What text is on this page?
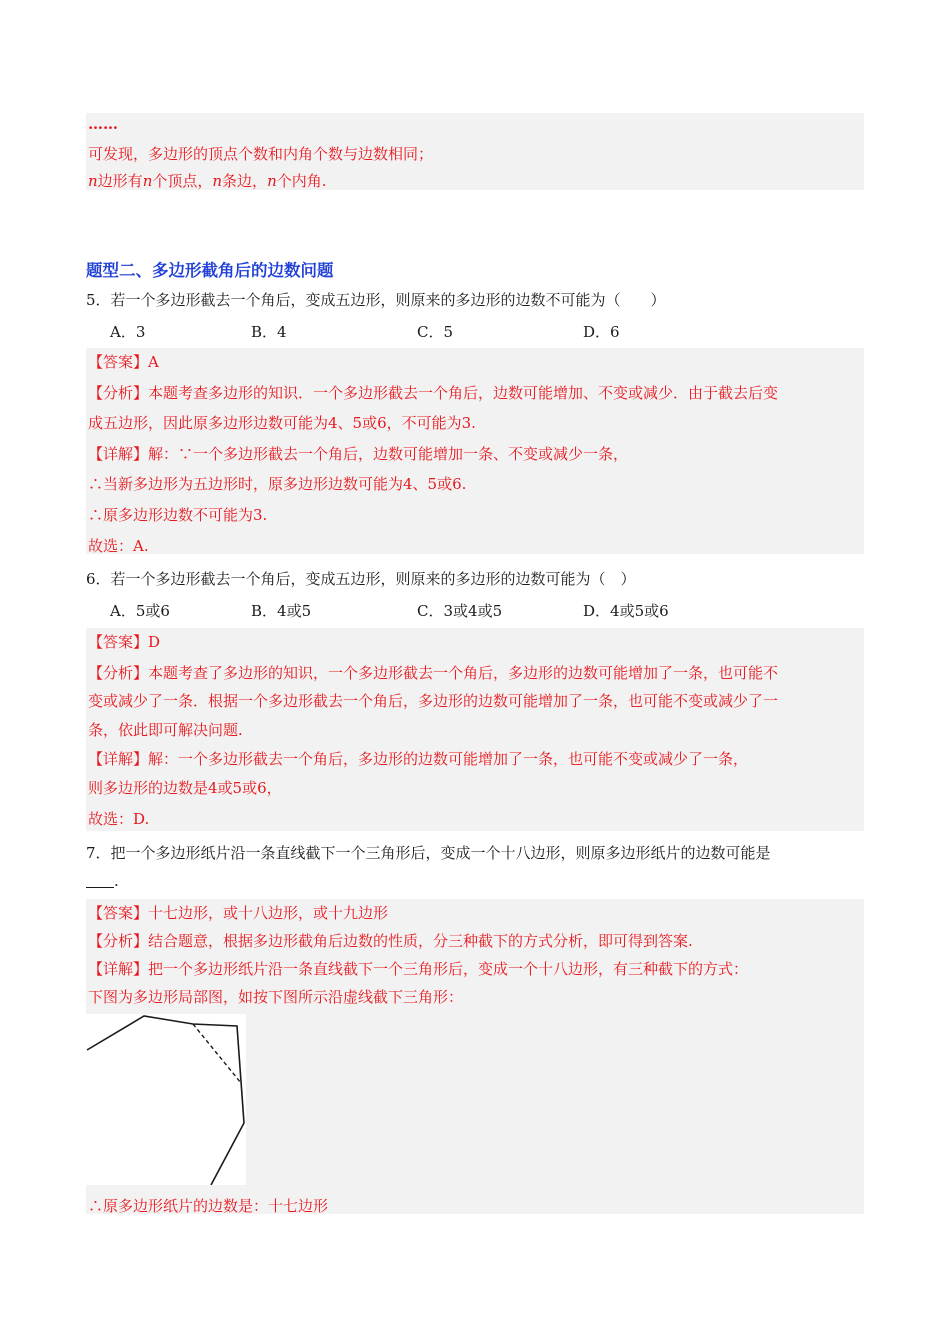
……
可发现，多边形的顶点个数和内角个数与边数相同；
n边形有n个顶点，n条边，n个内角.
题型二、多边形截角后的边数问题
5．若一个多边形截去一个角后，变成五边形，则原来的多边形的边数不可能为（　　）
A．3	B．4	C．5	D．6
【答案】A
【分析】本题考查多边形的知识．一个多边形截去一个角后，边数可能增加、不变或减少．由于截去后变
成五边形，因此原多边形边数可能为4、5或6，不可能为3.
【详解】解：∵一个多边形截去一个角后，边数可能增加一条、不变或减少一条，
∴当新多边形为五边形时，原多边形边数可能为4、5或6.
∴原多边形边数不可能为3.
故选：A.
6．若一个多边形截去一个角后，变成五边形，则原来的多边形的边数可能为（　）
A．5或6	B．4或5	C．3或4或5	D．4或5或6
【答案】D
【分析】本题考查了多边形的知识，一个多边形截去一个角后，多边形的边数可能增加了一条，也可能不
变或减少了一条．根据一个多边形截去一个角后，多边形的边数可能增加了一条，也可能不变或减少了一
条，依此即可解决问题.
【详解】解：一个多边形截去一个角后，多边形的边数可能增加了一条，也可能不变或减少了一条，
则多边形的边数是4或5或6，
故选：D.
7．把一个多边形纸片沿一条直线截下一个三角形后，变成一个十八边形，则原多边形纸片的边数可能是
.
【答案】十七边形，或十八边形，或十九边形
【分析】结合题意，根据多边形截角后边数的性质，分三种截下的方式分析，即可得到答案.
【详解】把一个多边形纸片沿一条直线截下一个三角形后，变成一个十八边形，有三种截下的方式：
下图为多边形局部图，如按下图所示沿虚线截下三角形：
∴原多边形纸片的边数是：十七边形
